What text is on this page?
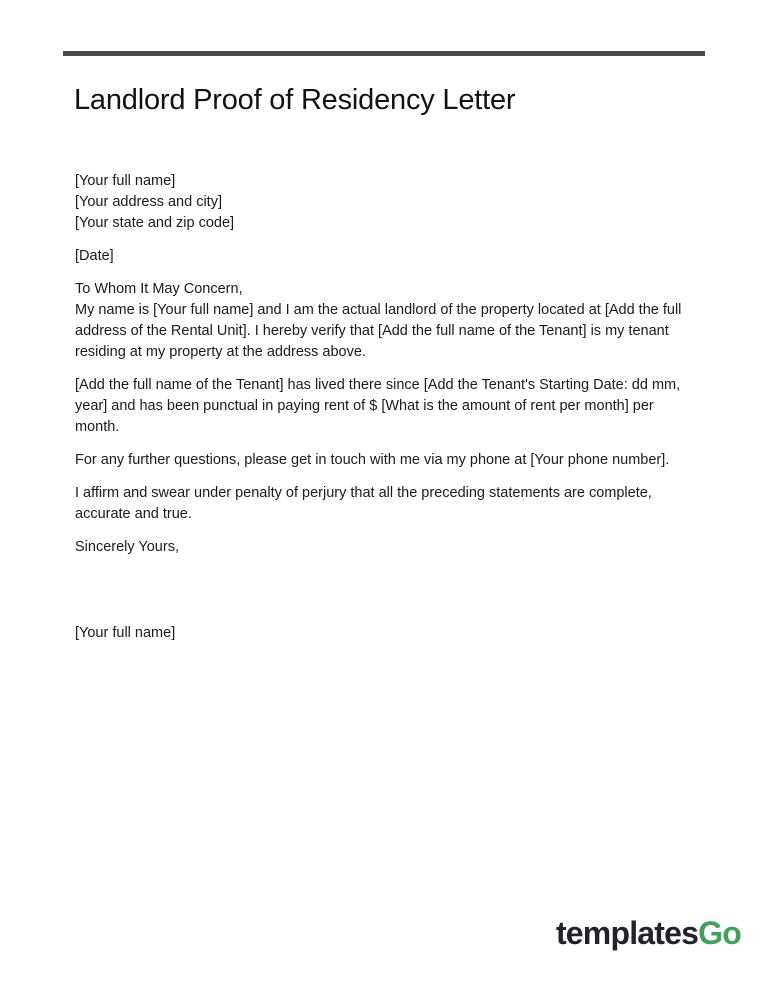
Landlord Proof of Residency Letter

[Your full name]
[Your address and city]
[Your state and zip code]

[Date]

To Whom It May Concern,
My name is [Your full name] and I am the actual landlord of the property located at [Add the full address of the Rental Unit]. I hereby verify that [Add the full name of the Tenant] is my tenant residing at my property at the address above.

[Add the full name of the Tenant] has lived there since [Add the Tenant's Starting Date: dd mm, year] and has been punctual in paying rent of $ [What is the amount of rent per month] per month.

For any further questions, please get in touch with me via my phone at [Your phone number].

I affirm and swear under penalty of perjury that all the preceding statements are complete, accurate and true.

Sincerely Yours,

[Your full name]

templatesGo
